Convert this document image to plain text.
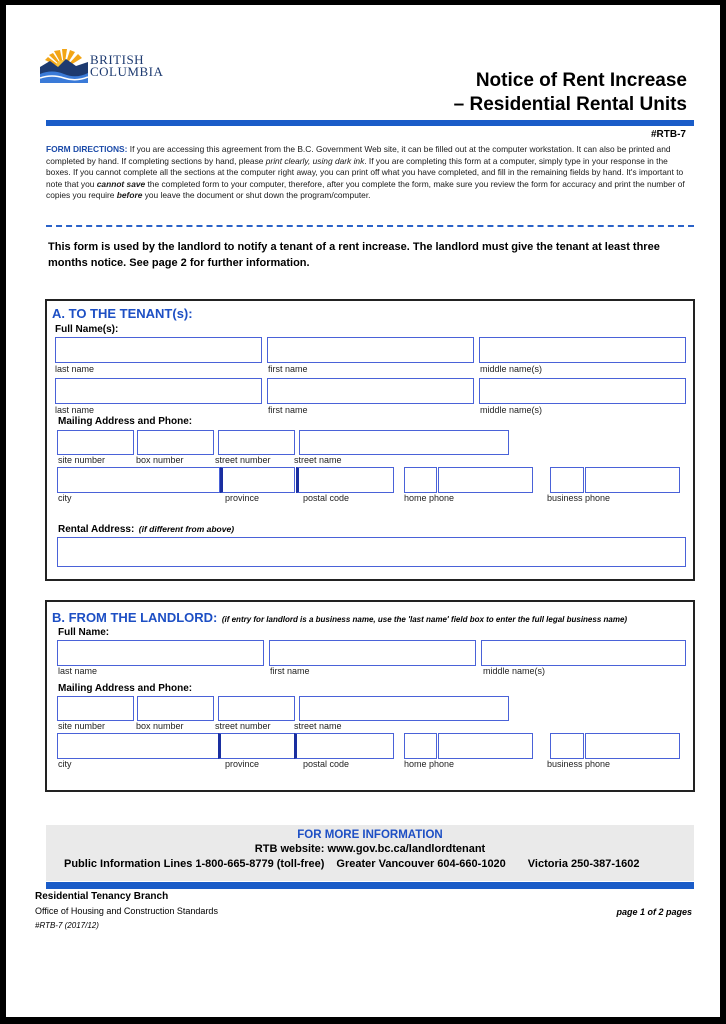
BRITISH
COLUMBIA	Notice of Rent Increase
– Residential Rental Units
#RTB-7
FORM DIRECTIONS: If you are accessing this agreement from the B.C. Government Web site, it can be filled out at the computer workstation. It can also be printed and completed by hand. If completing sections by hand, please print clearly, using dark ink. If you are completing this form at a computer, simply type in your response in the boxes. If you cannot complete all the sections at the computer right away, you can print off what you have completed, and fill in the remaining fields by hand. It's important to note that you cannot save the completed form to your computer, therefore, after you complete the form, make sure you review the form for accuracy and print the number of copies you require before you leave the document or shut down the program/computer.
This form is used by the landlord to notify a tenant of a rent increase. The landlord must give the tenant at least three months notice. See page 2 for further information.
A. TO THE TENANT(s):
Full Name(s):
last name	first name	middle name(s)
last name	first name	middle name(s)
Mailing Address and Phone:
site number	box number	street number	street name
city	province	postal code	home phone	business phone
Rental Address: (if different from above)
B. FROM THE LANDLORD: (if entry for landlord is a business name, use the 'last name' field box to enter the full legal business name)
Full Name:
last name	first name	middle name(s)
Mailing Address and Phone:
site number	box number	street number	street name
city	province	postal code	home phone	business phone
FOR MORE INFORMATION
RTB website: www.gov.bc.ca/landlordtenant
Public Information Lines 1-800-665-8779 (toll-free) Greater Vancouver 604-660-1020 Victoria 250-387-1602
Residential Tenancy Branch
Office of Housing and Construction Standards
#RTB-7 (2017/12)
page 1 of 2 pages
